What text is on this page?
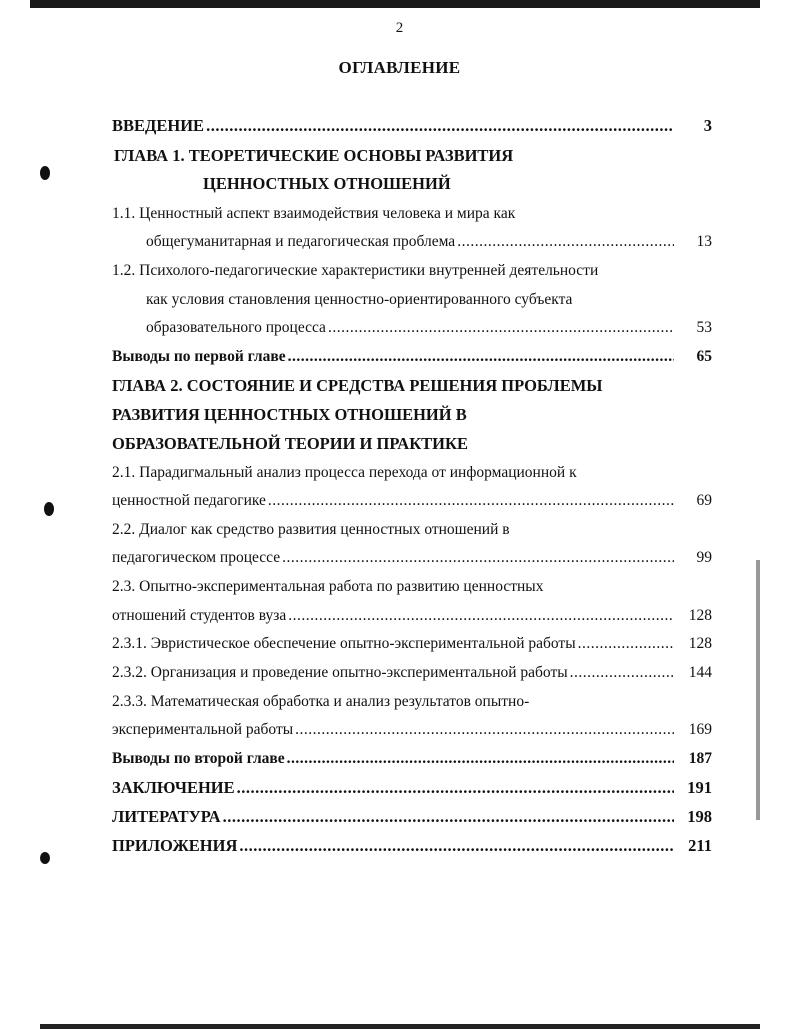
2
ОГЛАВЛЕНИЕ
ВВЕДЕНИЕ .....	3
ГЛАВА 1. ТЕОРЕТИЧЕСКИЕ ОСНОВЫ РАЗВИТИЯ
ЦЕННОСТНЫХ ОТНОШЕНИЙ
1.1. Ценностный аспект взаимодействия человека и мира как
общегуманитарная и педагогическая проблема .....	13
1.2. Психолого-педагогические характеристики внутренней деятельности
как условия становления ценностно-ориентированного субъекта
образовательного процесса .....	53
Выводы по первой главе .....	65
ГЛАВА 2. СОСТОЯНИЕ И СРЕДСТВА РЕШЕНИЯ ПРОБЛЕМЫ
РАЗВИТИЯ ЦЕННОСТНЫХ ОТНОШЕНИЙ В
ОБРАЗОВАТЕЛЬНОЙ ТЕОРИИ И ПРАКТИКЕ
2.1. Парадигмальный анализ процесса перехода от информационной к
ценностной педагогике .....	69
2.2. Диалог как средство развития ценностных отношений в
педагогическом процессе .....	99
2.3. Опытно-экспериментальная работа по развитию ценностных
отношений студентов вуза .....	128
2.3.1. Эвристическое обеспечение опытно-экспериментальной работы .....	128
2.3.2. Организация и проведение опытно-экспериментальной работы .....	144
2.3.3. Математическая обработка и анализ результатов опытно-
экспериментальной работы .....	169
Выводы по второй главе .....	187
ЗАКЛЮЧЕНИЕ .....	191
ЛИТЕРАТУРА .....	198
ПРИЛОЖЕНИЯ .....	211
